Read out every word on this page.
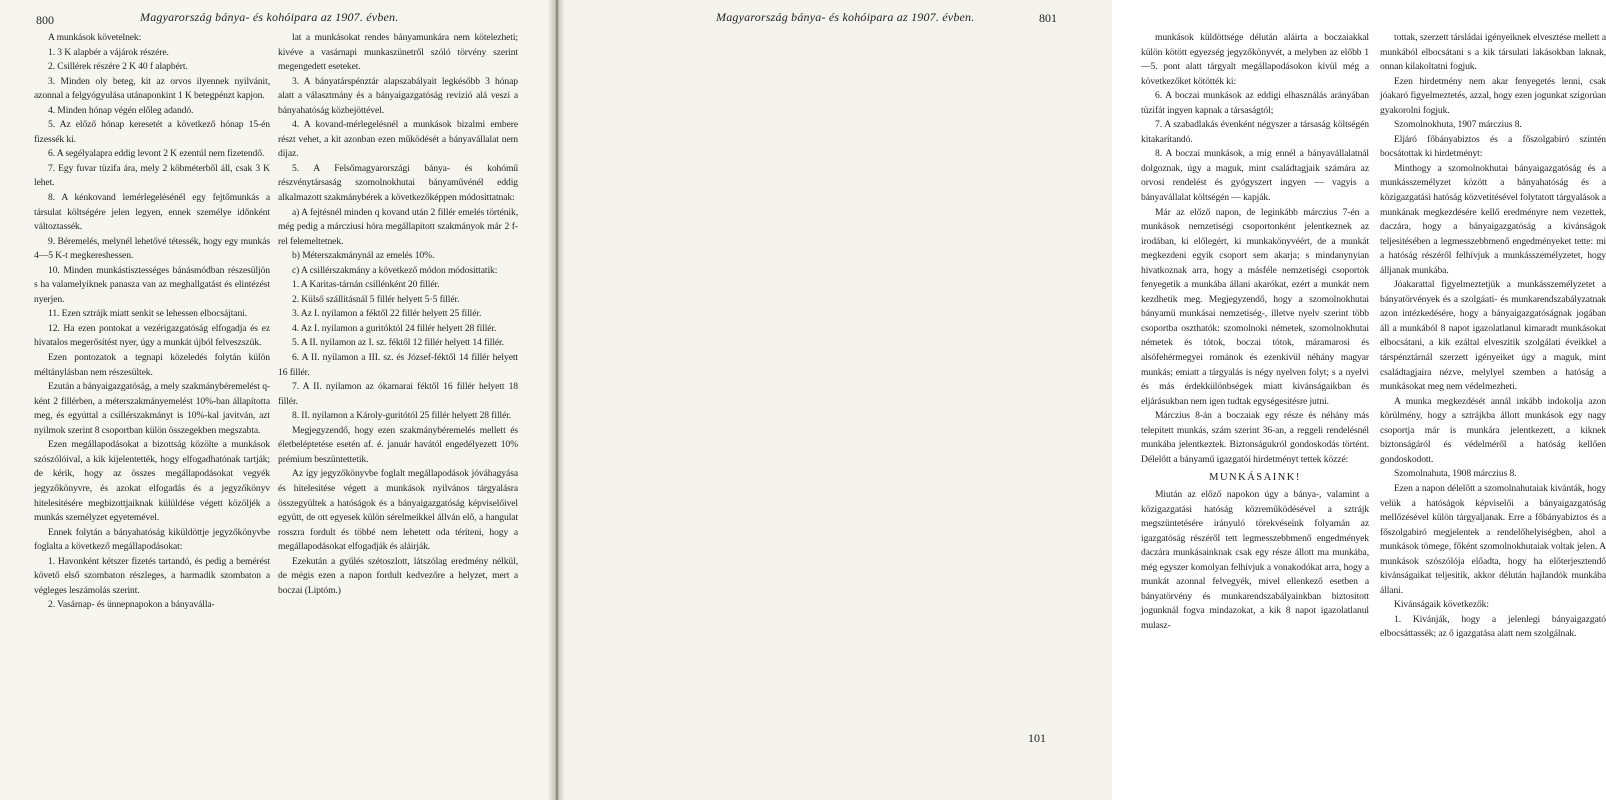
800	Magyarország bánya- és kohóipara az 1907. évben.

A munkások követelnek:

1. 3 K alapbér a vájárok részére.

2. Csillérek részére 2 K 40 f alapbért.

3. Minden oly beteg, kit az orvos ilyennek nyilvánit, azonnal a felgyógyulása utánaponkint 1 K betegpénzt kapjon.

4. Minden hónap végén előleg adandó.

5. Az előző hónap keresetét a következő hónap 15-én fizessék ki.

6. A segélyalapra eddig levont 2 K ezentúl nem fizetendő.

7. Egy fuvar tüzifa ára, mely 2 köbméterből áll, csak 3 K lehet.

8. A kénkovand lemérlegelésénél egy fejtőmunkás a társulat költségére jelen legyen, ennek személye időnként változtassék.

9. Béremelés, melynél lehetővé tétessék, hogy egy munkás 4—5 K-t megkereshessen.

10. Minden munkástisztességes bánásmódban részesüljön s ha valamelyiknek panasza van az meghallgatást és elintézést nyerjen.

11. Ezen sztrájk miatt senkit se lehessen elbocsájtani.

12. Ha ezen pontokat a vezérigazgatóság elfogadja és ez hivatalos megerősítést nyer, úgy a munkát újból felveszszük.

Ezen pontozatok a tegnapi közeledés folytán külön méltánylásban nem részesültek.

Ezután a bányaigazgatóság, a mely szakmánybéremelést q-ként 2 fillérben, a méterszakmányemelést 10%-ban állapította meg, és egyúttal a csillérszakmányt is 10%-kal javitván, azt nyilmok szerint 8 csoportban külön összegekben megszabta.

Ezen megállapodásokat a bizottság közölte a munkások szószólóival, a kik kijelentették, hogy elfogadhatónak tartják; de kérik, hogy az összes megállapodásokat vegyék jegyzőkönyvre, és azokat elfogadás és a jegyzőkönyv hitelesitésére megbizottjaiknak külüldése végett közöljék a munkás személyzet egyetemével.

Ennek folytán a bányahatóság kiküldöttje jegyzőkönyvbe foglalta a következő megállapodásokat:

1. Havonként kétszer fizetés tartandó, és pedig a bemérést követő első szombaton részleges, a harmadik szombaton a végleges leszámolás szerint.

2. Vasárnap- és ünnepnapokon a bányaválla-

lat a munkásokat rendes bányamunkára nem kötelezheti; kivéve a vasárnapi munkaszünetről szóló törvény szerint megengedett eseteket.

3. A bányatárspénztár alapszabályait legkésőbb 3 hónap alatt a választmány és a bányaigazgatóság revizió alá veszi a bányahatóság közbejöttével.

4. A kovand-mérlegelésnél a munkások bizalmi embere részt vehet, a kit azonban ezen működését a bányavállalat nem díjaz.

5. A Felsőmagyarországi bánya- és kohómű részvénytársaság szomolnokhutai bányaművénél eddig alkalmazott szakmánybérek a következőképpen módosittatnak:

a) A fejtésnél minden q kovand után 2 fillér emelés történik, még pedig a márcziusi hóra megállapitott szakmányok már 2 f-rel felemeltetnek.

b) Méterszakmánynál az emelés 10%.

c) A csillérszakmány a következő módon módosittatik:

1. A Karitas-tárnán csillénként 20 fillér.

2. Külső szállitásnál 5 fillér helyett 5·5 fillér.

3. Az I. nyilamon a féktől 22 fillér helyett 25 fillér.

4. Az I. nyilamon a guritóktól 24 fillér helyett 28 fillér.

5. A II. nyilamon az I. sz. féktől 12 fillér helyett 14 fillér.

6. A II. nyilamon a III. sz. és József-féktől 14 fillér helyett 16 fillér.

7. A II. nyilamon az ókamarai féktől 16 fillér helyett 18 fillér.

8. II. nyilamon a Károly-guritótól 25 fillér helyett 28 fillér.

Megjegyzendő, hogy ezen szakmánybéremelés mellett és életbeléptetése esetén af. é. január havától engedélyezett 10% prémium beszüntettetik.

Az így jegyzőkönyvbe foglalt megállapodások jóváhagyása és hitelesitése végett a munkások nyilvános tárgyalásra összegyültek a hatóságok és a bányaigazgatóság képviselőivel együtt, de ott egyesek külön sérelmeikkel állván elő, a hangulat rosszra fordult és többé nem lehetett oda téríteni, hogy a megállapodásokat elfogadják és aláirják.

Ezekután a gyűlés szétoszlott, látszólag eredmény nélkül, de mégis ezen a napon fordult kedvezőre a helyzet, mert a boczai (Liptóm.)

Magyarország bánya- és kohóipara az 1907. évben.	801

munkások küldöttsége délután aláirta a boczaiakkal külön kötött egyezség jegyzőkönyvét, a melyben az előbb 1—5. pont alatt tárgyalt megállapodásokon kívül még a következőket kötötték ki:

6. A boczai munkások az eddigi elhasználás arányában tüzifát ingyen kapnak a társaságtól;

7. A szabadlakás évenként négyszer a társaság költségén kitakarítandó.

8. A boczai munkások, a mig ennél a bányavállalatnál dolgoznak, úgy a maguk, mint családtagjaik számára az orvosi rendelést és gyógyszert ingyen — vagyis a bányavállalat költségén — kapják.

Már az előző napon, de leginkább márczius 7-én a munkások nemzetiségi csoportonként jelentkeznek az irodában, ki előlegért, ki munkakönyvéért, de a munkát megkezdeni egyik csoport sem akarja; s mindanynyian hivatkoznak arra, hogy a másféle nemzetiségi csoportok fenyegetik a munkába állani akarókat, ezért a munkát nem kezdhetik meg. Megjegyzendő, hogy a szomolnokhutai bányamű munkásai nemzetiség-, illetve nyelv szerint több csoportba oszthatók: szomolnoki németek, szomolnokhutai németek és tótok, boczai tótok, máramarosi és alsófehérmegyei románok és ezenkívül néhány magyar munkás; emiatt a tárgyalás is négy nyelven folyt; s a nyelvi és más érdekkülönbségek miatt kivánságaikban és eljárásukban nem igen tudtak egységesitésre jutni.

Márczius 8-án a boczaiak egy része és néhány más telepitett munkás, szám szerint 36-an, a reggeli rendelésnél munkába jelentkeztek. Biztonságukról gondoskodás történt. Délelőtt a bányamű igazgatói hirdetményt tettek közzé:

MUNKÁSAINK!

Miután az előző napokon úgy a bánya-, valamint a közigazgatási hatóság közreműködésével a sztrájk megszüntetésére irányuló törekvéseink folyamán az igazgatóság részéről tett legmesszebbmenő engedmények daczára munkásainknak csak egy része állott ma munkába, még egyszer komolyan felhívjuk a vonakodókat arra, hogy a munkát azonnal felvegyék, mivel ellenkező esetben a bányatörvény és munkarendszabályainkban biztositott jogunknál fogva mindazokat, a kik 8 napot igazolatlanul mulasz-

tottak, szerzett társládai igényeiknek elvesztése mellett a munkából elbocsátani s a kik társulati lakásokban laknak, onnan kilakoltatni fogjuk.

Ezen hirdetmény nem akar fenyegetés lenni, csak jóakaró figyelmeztetés, azzal, hogy ezen jogunkat szigorúan gyakorolni fogjuk.

Szomolnokhuta, 1907 márczius 8.

Eljáró főbányabiztos és a főszolgabiró szintén bocsátottak ki hirdetményt:

Minthogy a szomolnokhutai bányaigazgatóság és a munkásszemélyzet között a bányahatóság és a közigazgatási hatóság közvetitésével folytatott tárgyalások a munkának megkezdésére kellő eredményre nem vezettek, daczára, hogy a bányaigazgatóság a kivánságok teljesitésében a legmesszebbmenő engedményeket tette: mi a hatóság részéről felhívjuk a munkásszemélyzetet, hogy álljanak munkába.

Jóakarattal figyelmeztetjük a munkásszemélyzetet a bányatörvények és a szolgáati- és munkarendszabályzatnak azon intézkedésére, hogy a bányaigazgatóságnak jogában áll a munkából 8 napot igazolatlanul kimaradt munkásokat elbocsátani, a kik ezáltal elveszitik szolgálati éveikkel a társpénztárnál szerzett igényeiket úgy a maguk, mint családtagjaira nézve, melylyel szemben a hatóság a munkásokat meg nem védelmezheti.

A munka megkezdését annál inkább indokolja azon körülmény, hogy a sztrájkba állott munkások egy nagy csoportja már is munkára jelentkezett, a kiknek biztonságáról és védelméről a hatóság kellően gondoskodott.

Szomolnahuta, 1908 márczius 8.

Ezen a napon délelőtt a szomolnahutaiak kivánták, hogy velük a hatóságok képviselői a bányaigazgatóság mellőzésével külön tárgyaljanak. Erre a főbányabiztos és a főszolgabiró megjelentek a rendelőhelyiségben, ahol a munkások tömege, főként szomolnokhutaiak voltak jelen. A munkások szószólója előadta, hogy ha előterjesztendő kivánságaikat teljesitik, akkor délután hajlandók munkába állani.

Kivánságaik következők:

1. Kivánják, hogy a jelenlegi bányaigazgató elbocsáttassék; az ő igazgatása alatt nem szolgálnak.

101
